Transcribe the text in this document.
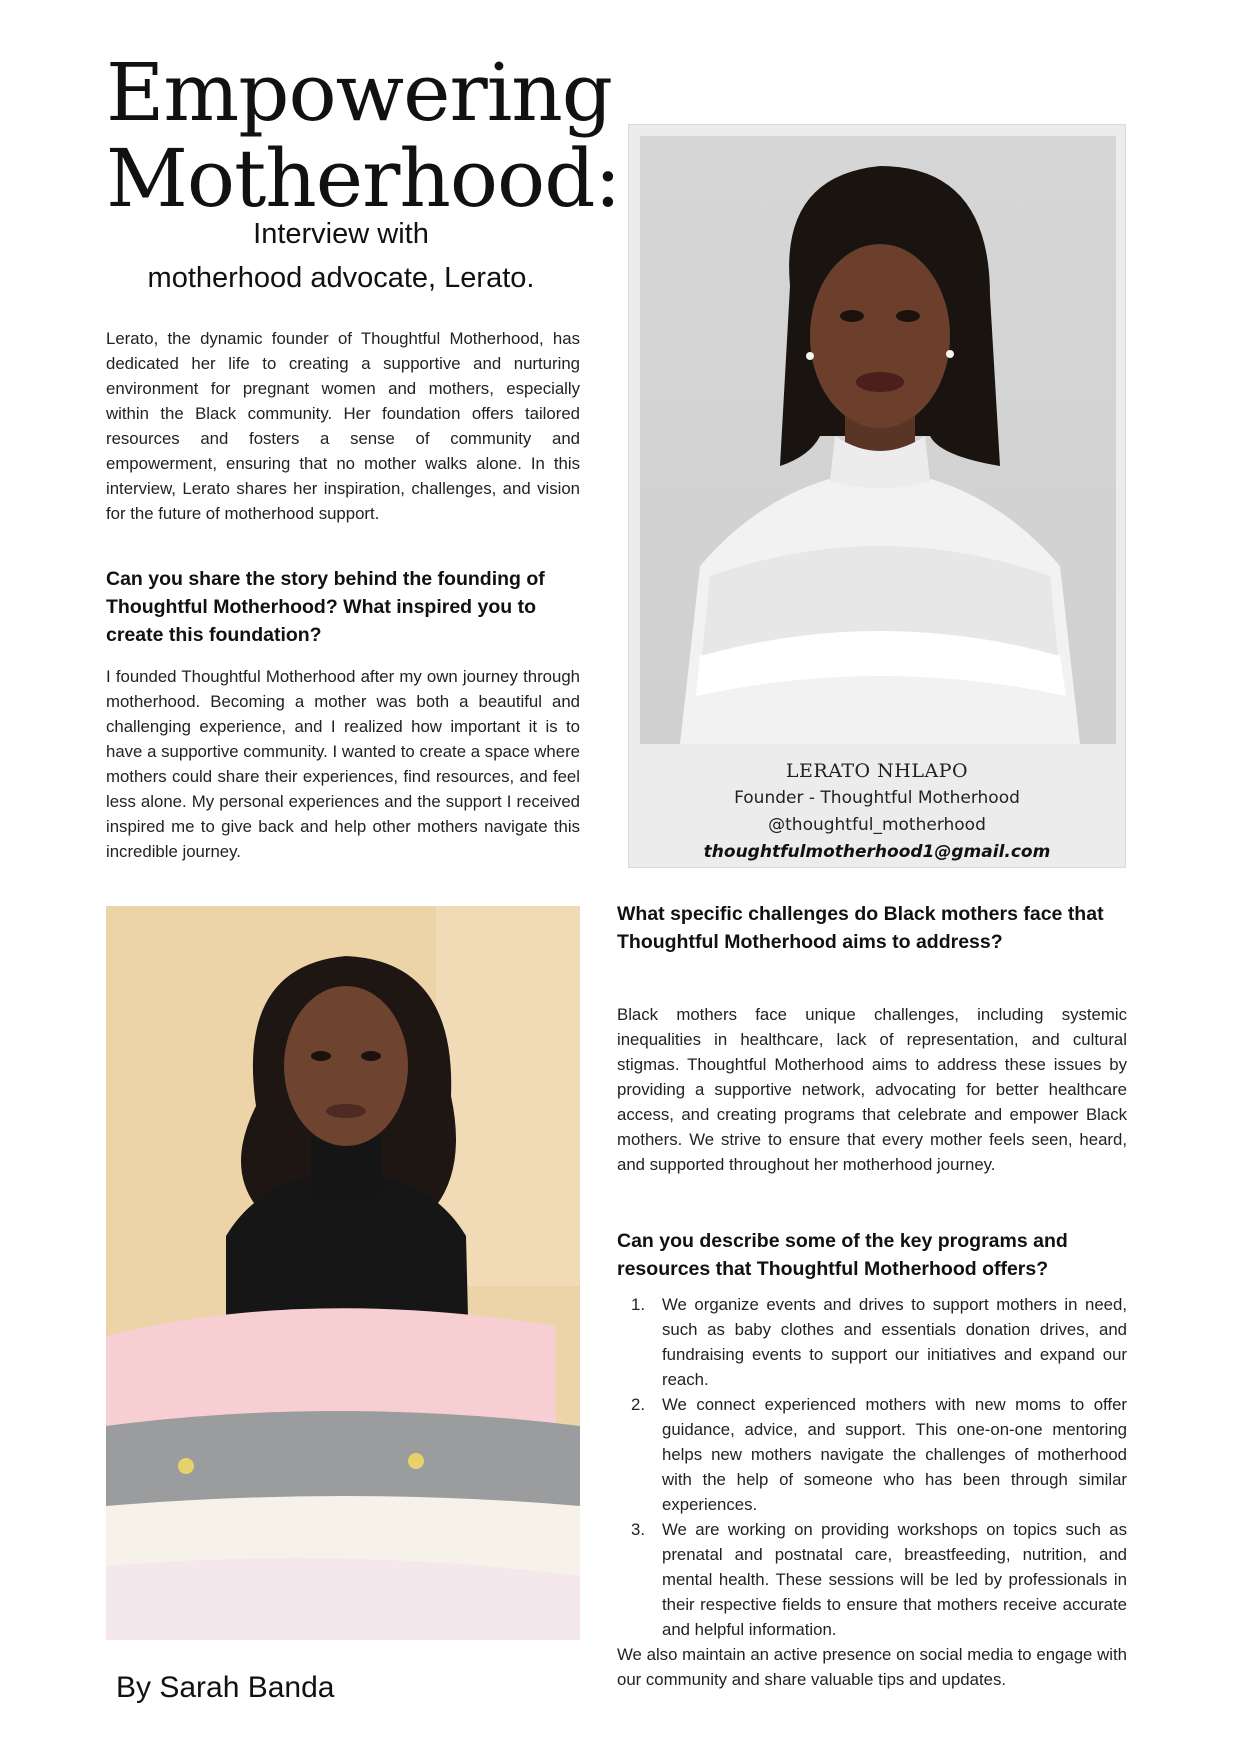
Empowering
Motherhood:
Interview with
motherhood advocate, Lerato.

Lerato, the dynamic founder of Thoughtful Motherhood, has dedicated her life to creating a supportive and nurturing environment for pregnant women and mothers, especially within the Black community. Her foundation offers tailored resources and fosters a sense of community and empowerment, ensuring that no mother walks alone. In this interview, Lerato shares her inspiration, challenges, and vision for the future of motherhood support.

Can you share the story behind the founding of Thoughtful Motherhood? What inspired you to create this foundation?

I founded Thoughtful Motherhood after my own journey through motherhood. Becoming a mother was both a beautiful and challenging experience, and I realized how important it is to have a supportive community. I wanted to create a space where mothers could share their experiences, find resources, and feel less alone. My personal experiences and the support I received inspired me to give back and help other mothers navigate this incredible journey.

LERATO NHLAPO
Founder - Thoughtful Motherhood
@thoughtful_motherhood
thoughtfulmotherhood1@gmail.com
By Sarah Banda
What specific challenges do Black mothers face that Thoughtful Motherhood aims to address?

Black mothers face unique challenges, including systemic inequalities in healthcare, lack of representation, and cultural stigmas. Thoughtful Motherhood aims to address these issues by providing a supportive network, advocating for better healthcare access, and creating programs that celebrate and empower Black mothers. We strive to ensure that every mother feels seen, heard, and supported throughout her motherhood journey.

Can you describe some of the key programs and resources that Thoughtful Motherhood offers?
1. We organize events and drives to support mothers in need, such as baby clothes and essentials donation drives, and fundraising events to support our initiatives and expand our reach.
2. We connect experienced mothers with new moms to offer guidance, advice, and support. This one-on-one mentoring helps new mothers navigate the challenges of motherhood with the help of someone who has been through similar experiences.
3. We are working on providing workshops on topics such as prenatal and postnatal care, breastfeeding, nutrition, and mental health. These sessions will be led by professionals in their respective fields to ensure that mothers receive accurate and helpful information.

We also maintain an active presence on social media to engage with our community and share valuable tips and updates.
